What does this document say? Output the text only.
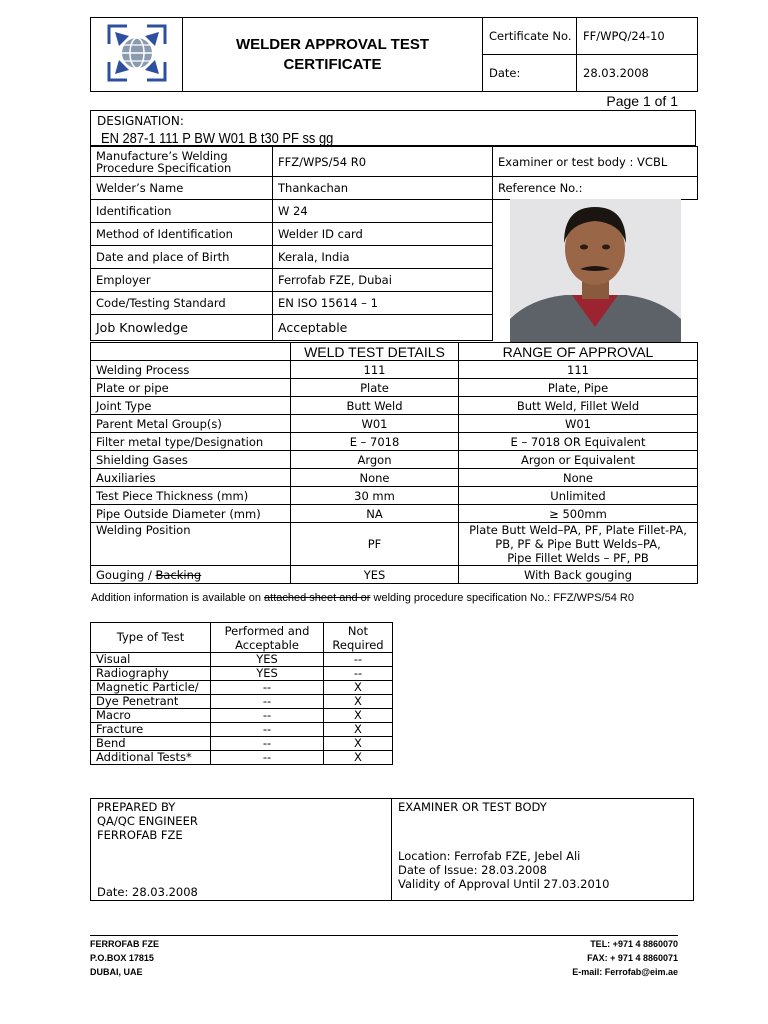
WELDER APPROVAL TEST CERTIFICATE	Certificate No.	FF/WPQ/24-10
		Date:	28.03.2008
Page 1 of 1
DESIGNATION:
EN 287-1 111 P BW W01 B t30 PF ss gg
Manufacture’s Welding Procedure Specification	FFZ/WPS/54 R0	Examiner or test body : VCBL
Welder’s Name	Thankachan	Reference No.:
Identification	W 24	
Method of Identification	Welder ID card	
Date and place of Birth	Kerala, India	
Employer	Ferrofab FZE, Dubai	
Code/Testing Standard	EN ISO 15614 – 1	
Job Knowledge	Acceptable	
	WELD TEST DETAILS	RANGE OF APPROVAL
Welding Process	111	111
Plate or pipe	Plate	Plate, Pipe
Joint Type	Butt Weld	Butt Weld, Fillet Weld
Parent Metal Group(s)	W01	W01
Filter metal type/Designation	E – 7018	E – 7018 OR Equivalent
Shielding Gases	Argon	Argon or Equivalent
Auxiliaries	None	None
Test Piece Thickness (mm)	30 mm	Unlimited
Pipe Outside Diameter (mm)	NA	≥ 500mm
Welding Position	PF	Plate Butt Weld–PA, PF, Plate Fillet-PA,
PB, PF & Pipe Butt Welds–PA,
Pipe Fillet Welds – PF, PB

Gouging / Backing	YES	With Back gouging
Addition information is available on attached sheet and or welding procedure specification No.: FFZ/WPS/54 R0
Type of Test	Performed and Acceptable	Not Required
Visual	YES	--
Radiography	YES	--
Magnetic Particle/	--	X
Dye Penetrant	--	X
Macro	--	X
Fracture	--	X
Bend	--	X
Additional Tests*	--	X
PREPARED BY
QA/QC ENGINEER
FERROFAB FZE
Date: 28.03.2008

EXAMINER OR TEST BODY
Location: Ferrofab FZE, Jebel Ali
Date of Issue: 28.03.2008
Validity of Approval Until 27.03.2010
FERROFAB FZE
P.O.BOX 17815
DUBAI, UAE
TEL: +971 4 8860070
FAX: + 971 4 8860071
E-mail: Ferrofab@eim.ae
